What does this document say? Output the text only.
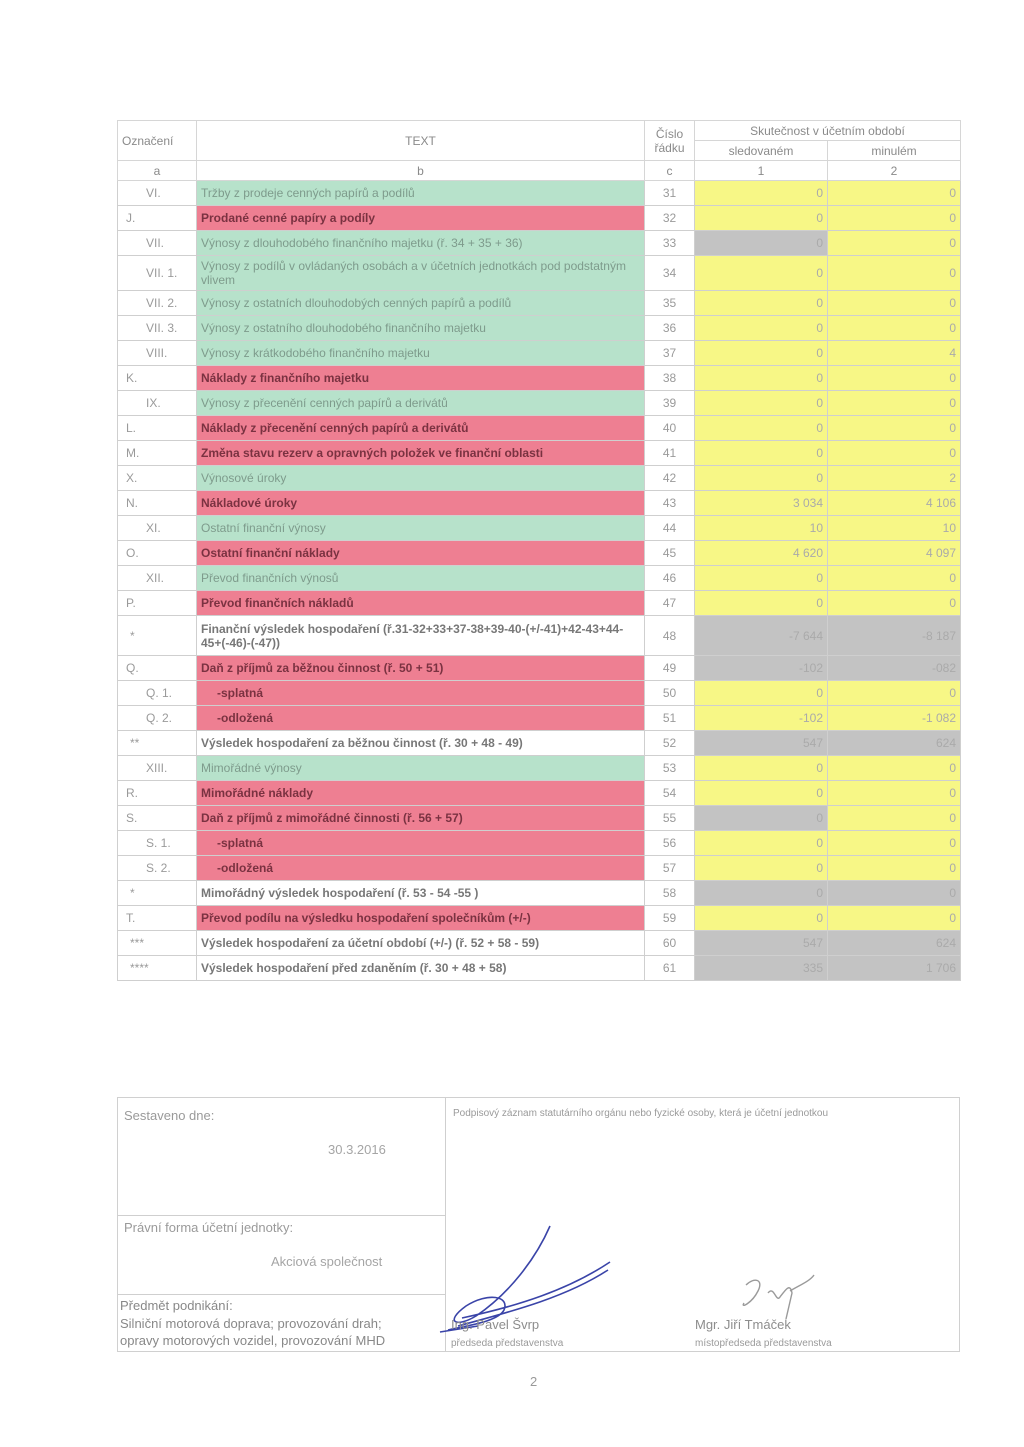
Označení	TEXT	Číslo řádku	Skutečnost v účetním období	
			sledovaném	minulém
a	b	c	1	2
VI.	Tržby z prodeje cenných papírů a podílů	31	0	0
J.	Prodané cenné papíry a podíly	32	0	0
VII.	Výnosy z dlouhodobého finančního majetku (ř. 34 + 35 + 36)	33	0	0
VII. 1.	Výnosy z podílů v ovládaných osobách a v účetních jednotkách pod podstatným vlivem	34	0	0
VII. 2.	Výnosy z ostatních dlouhodobých cenných papírů a podílů	35	0	0
VII. 3.	Výnosy z ostatního dlouhodobého finančního majetku	36	0	0
VIII.	Výnosy z krátkodobého finančního majetku	37	0	4
K.	Náklady z finančního majetku	38	0	0
IX.	Výnosy z přecenění cenných papírů a derivátů	39	0	0
L.	Náklady z přecenění cenných papírů a derivátů	40	0	0
M.	Změna stavu rezerv a opravných položek ve finanční oblasti	41	0	0
X.	Výnosové úroky	42	0	2
N.	Nákladové úroky	43	3 034	4 106
XI.	Ostatní finanční výnosy	44	10	10
O.	Ostatní finanční náklady	45	4 620	4 097
XII.	Převod finančních výnosů	46	0	0
P.	Převod finančních nákladů	47	0	0
*	Finanční výsledek hospodaření (ř.31-32+33+37-38+39-40-(+/-41)+42-43+44-45+(-46)-(-47))	48	-7 644	-8 187
Q.	Daň z příjmů za běžnou činnost (ř. 50 + 51)	49	-102	-082
Q. 1.	-splatná	50	0	0
Q. 2.	-odložená	51	-102	-1 082
**	Výsledek hospodaření za běžnou činnost (ř. 30 + 48 - 49)	52	547	624
XIII.	Mimořádné výnosy	53	0	0
R.	Mimořádné náklady	54	0	0
S.	Daň z příjmů z mimořádné činnosti (ř. 56 + 57)	55	0	0
S. 1.	-splatná	56	0	0
S. 2.	-odložená	57	0	0
*	Mimořádný výsledek hospodaření (ř. 53 - 54 -55 )	58	0	0
T.	Převod podílu na výsledku hospodaření společníkům (+/-)	59	0	0
***	Výsledek hospodaření za účetní období (+/-) (ř. 52 + 58 - 59)	60	547	624
****	Výsledek hospodaření před zdaněním (ř. 30 + 48 + 58)	61	335	1 706
Sestaveno dne:
30.3.2016
Podpisový záznam statutárního orgánu nebo fyzické osoby, která je účetní jednotkou
Právní forma účetní jednotky:
Akciová společnost
Předmět podnikání:
Silniční motorová doprava; provozování drah;
opravy motorových vozidel, provozování MHD
Ing. Pavel Švrp
předseda představenstva
Mgr. Jiří Tmáček
místopředseda představenstva
2
